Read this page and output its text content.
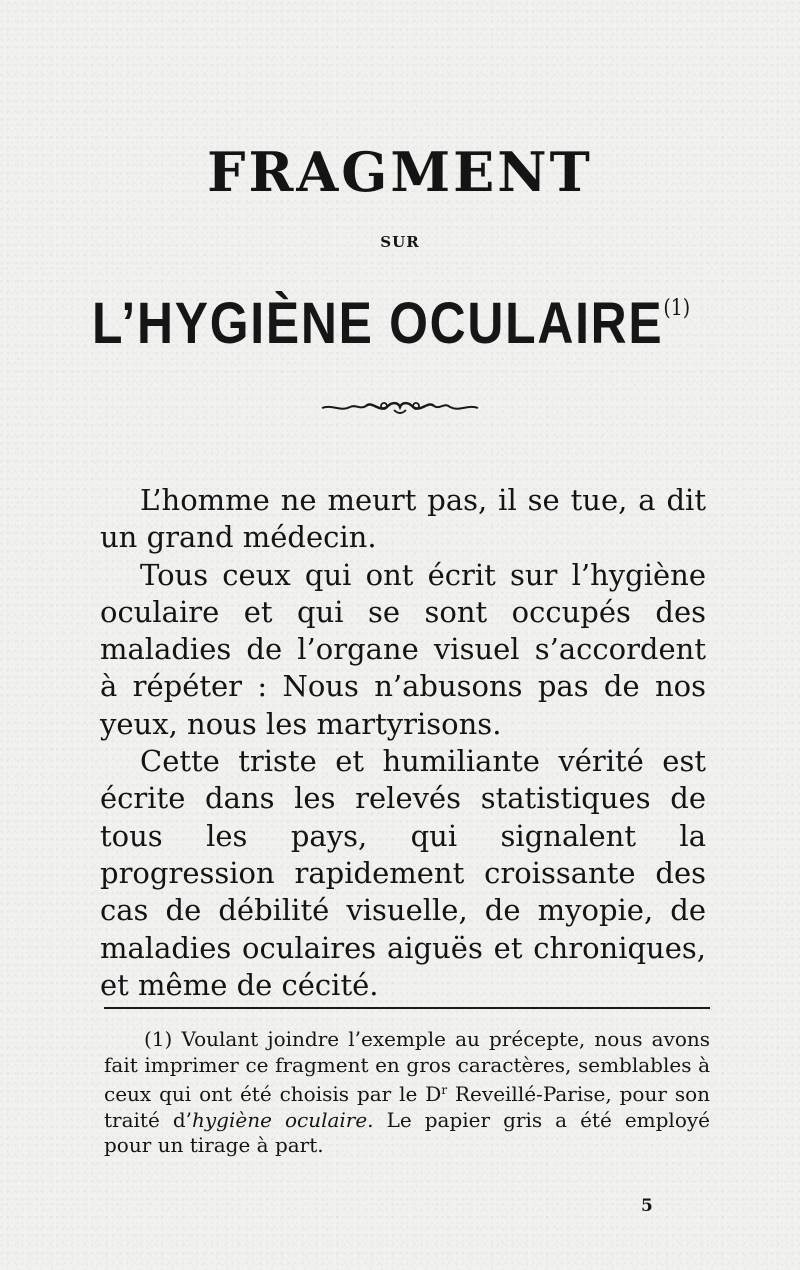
FRAGMENT
SUR
L’HYGIÈNE OCULAIRE$^{(1)}$

L’homme ne meurt pas, il se tue, a dit un grand médecin.

Tous ceux qui ont écrit sur l’hygiène oculaire et qui se sont occupés des maladies de l’organe visuel s’accordent à répéter : Nous n’abusons pas de nos yeux, nous les martyrisons.

Cette triste et humiliante vérité est écrite dans les relevés statistiques de tous les pays, qui signalent la progression rapidement croissante des cas de débilité visuelle, de myopie, de maladies oculaires aiguës et chroniques, et même de cécité.

(1) Voulant joindre l’exemple au précepte, nous avons fait imprimer ce fragment en gros caractères, semblables à ceux qui ont été choisis par le $D^r$ Reveillé-Parise, pour son traité d’hygiène oculaire. Le papier gris a été employé pour un tirage à part.

5
